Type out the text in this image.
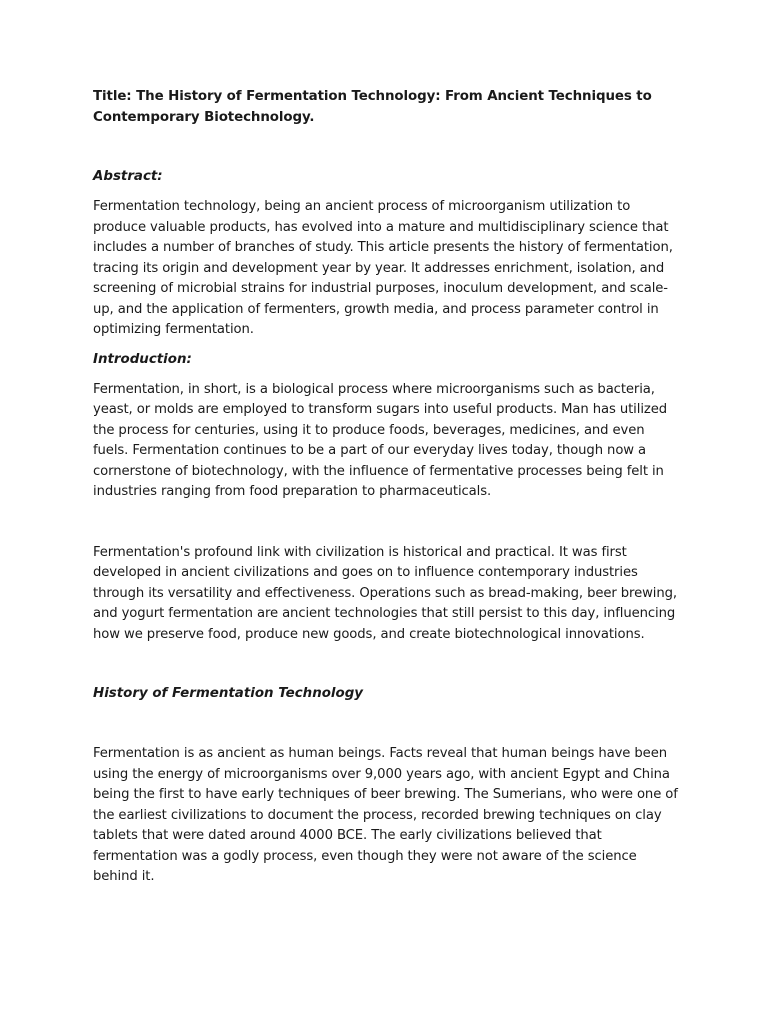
Title: The History of Fermentation Technology: From Ancient Techniques to Contemporary Biotechnology.

Abstract:

Fermentation technology, being an ancient process of microorganism utilization to produce valuable products, has evolved into a mature and multidisciplinary science that includes a number of branches of study. This article presents the history of fermentation, tracing its origin and development year by year. It addresses enrichment, isolation, and screening of microbial strains for industrial purposes, inoculum development, and scale-up, and the application of fermenters, growth media, and process parameter control in optimizing fermentation.

Introduction:

Fermentation, in short, is a biological process where microorganisms such as bacteria, yeast, or molds are employed to transform sugars into useful products. Man has utilized the process for centuries, using it to produce foods, beverages, medicines, and even fuels. Fermentation continues to be a part of our everyday lives today, though now a cornerstone of biotechnology, with the influence of fermentative processes being felt in industries ranging from food preparation to pharmaceuticals.

Fermentation's profound link with civilization is historical and practical. It was first developed in ancient civilizations and goes on to influence contemporary industries through its versatility and effectiveness. Operations such as bread-making, beer brewing, and yogurt fermentation are ancient technologies that still persist to this day, influencing how we preserve food, produce new goods, and create biotechnological innovations.

History of Fermentation Technology

Fermentation is as ancient as human beings. Facts reveal that human beings have been using the energy of microorganisms over 9,000 years ago, with ancient Egypt and China being the first to have early techniques of beer brewing. The Sumerians, who were one of the earliest civilizations to document the process, recorded brewing techniques on clay tablets that were dated around 4000 BCE. The early civilizations believed that fermentation was a godly process, even though they were not aware of the science behind it.
